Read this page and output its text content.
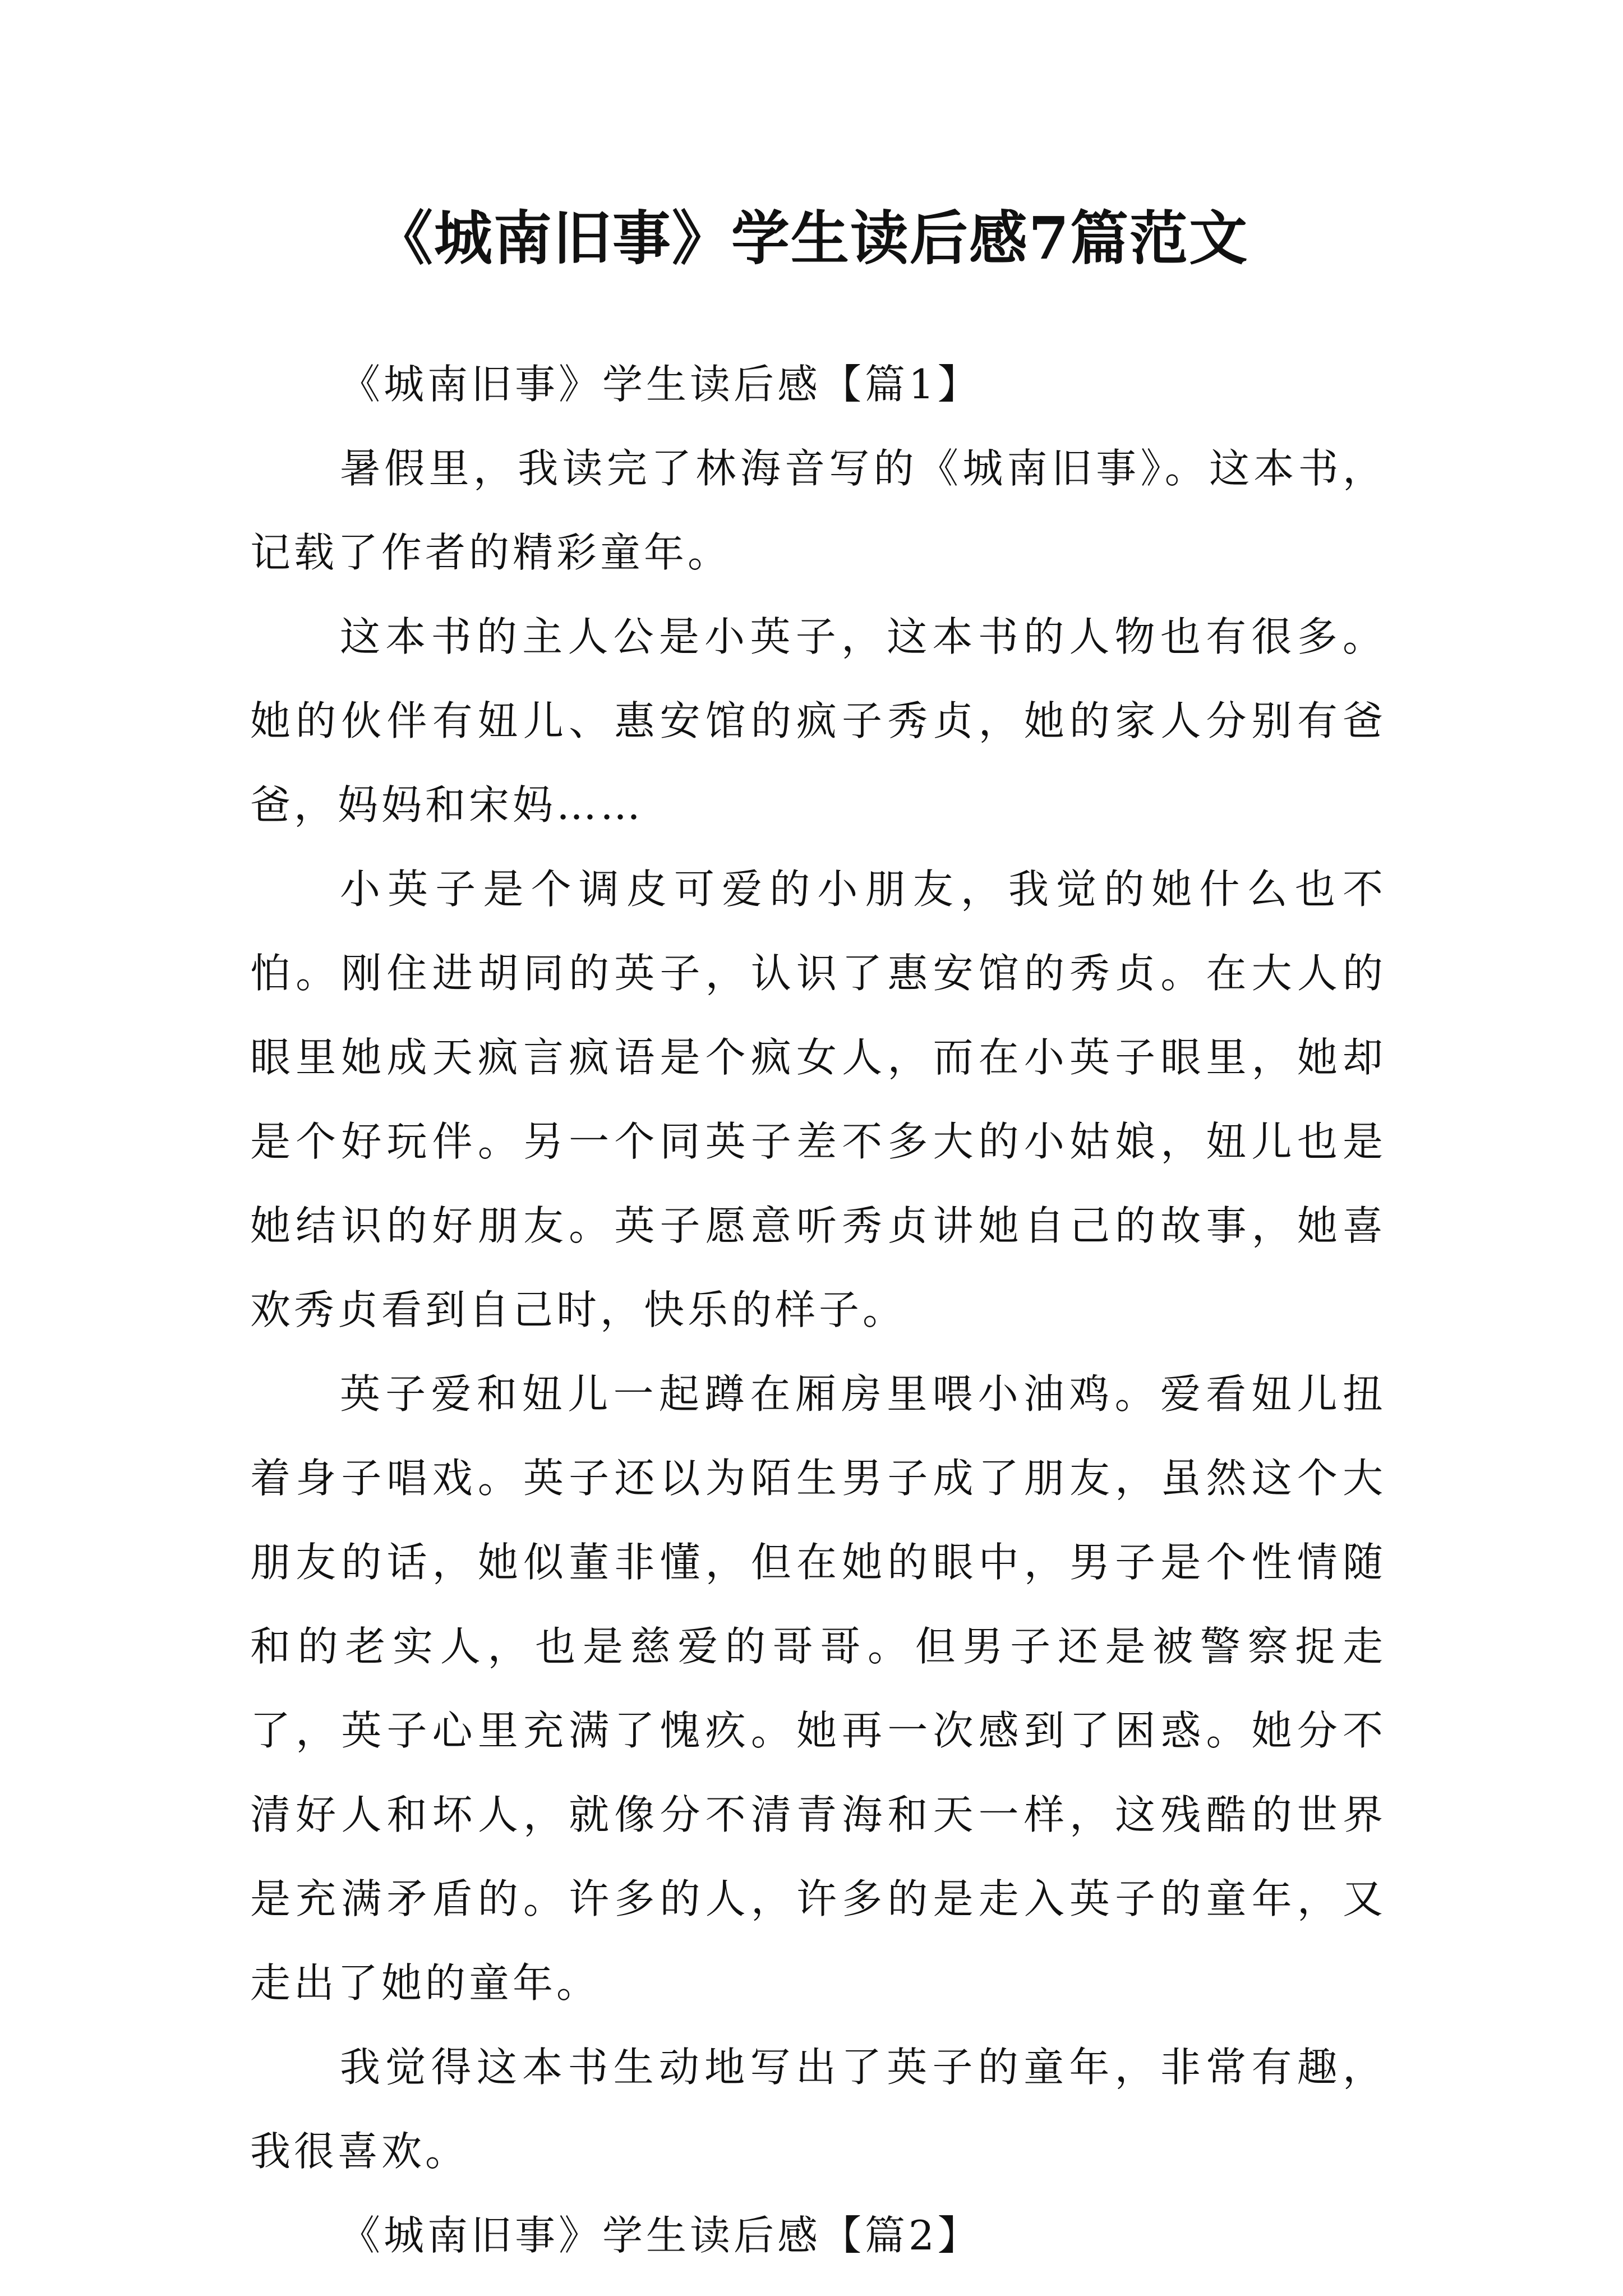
《城南旧事》学生读后感7篇范文

《城南旧事》学生读后感【篇1】

暑假里，我读完了林海音写的《城南旧事》。这本书，记载了作者的精彩童年。

这本书的主人公是小英子，这本书的人物也有很多。她的伙伴有妞儿、惠安馆的疯子秀贞，她的家人分别有爸爸，妈妈和宋妈……

小英子是个调皮可爱的小朋友，我觉的她什么也不怕。刚住进胡同的英子，认识了惠安馆的秀贞。在大人的眼里她成天疯言疯语是个疯女人，而在小英子眼里，她却是个好玩伴。另一个同英子差不多大的小姑娘，妞儿也是她结识的好朋友。英子愿意听秀贞讲她自己的故事，她喜欢秀贞看到自己时，快乐的样子。

英子爱和妞儿一起蹲在厢房里喂小油鸡。爱看妞儿扭着身子唱戏。英子还以为陌生男子成了朋友，虽然这个大朋友的话，她似董非懂，但在她的眼中，男子是个性情随和的老实人，也是慈爱的哥哥。但男子还是被警察捉走了，英子心里充满了愧疚。她再一次感到了困惑。她分不清好人和坏人，就像分不清青海和天一样，这残酷的世界是充满矛盾的。许多的人，许多的是走入英子的童年，又走出了她的童年。

我觉得这本书生动地写出了英子的童年，非常有趣，我很喜欢。

《城南旧事》学生读后感【篇2】
